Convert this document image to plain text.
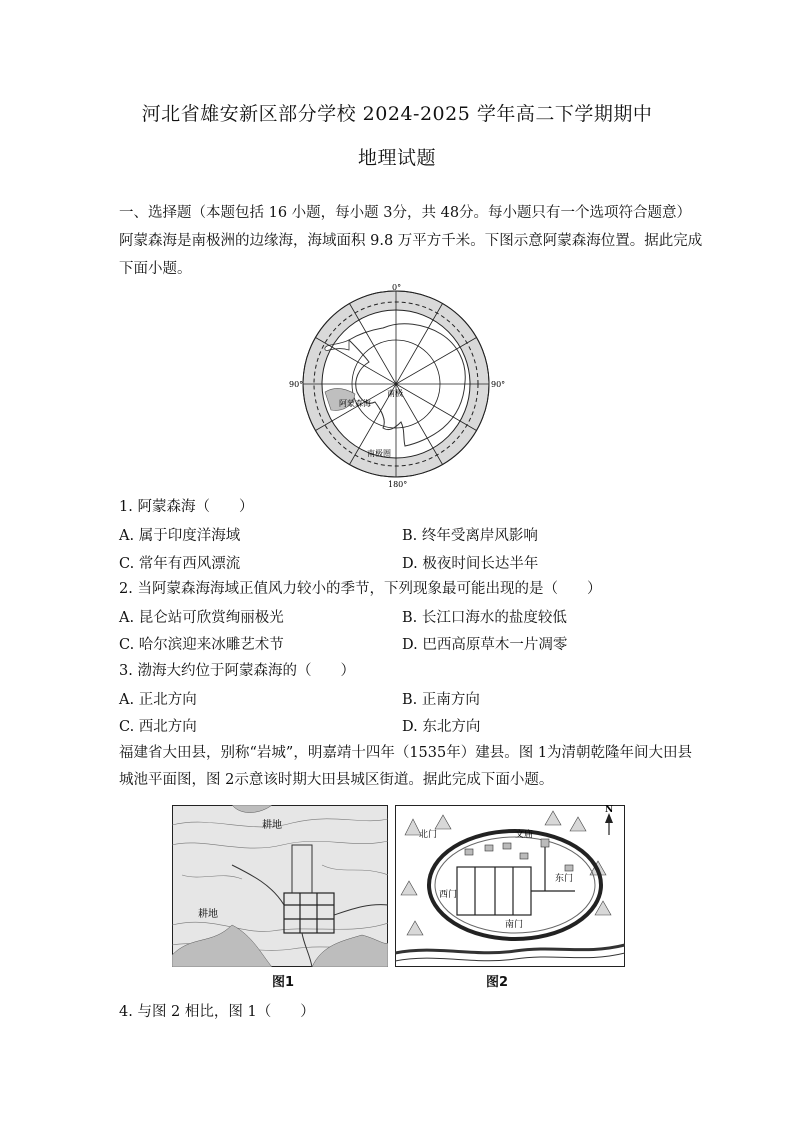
河北省雄安新区部分学校 2024-2025 学年高二下学期期中
地理试题
一、选择题（本题包括 16 小题，每小题 3分，共 48分。每小题只有一个选项符合题意）
阿蒙森海是南极洲的边缘海，海域面积 9.8 万平方千米。下图示意阿蒙森海位置。据此完成
下面小题。
0°
90°	90°
180°
南极
阿蒙森海
南极圈
1. 阿蒙森海（　　）
A. 属于印度洋海域	B. 终年受离岸风影响
C. 常年有西风漂流	D. 极夜时间长达半年
2. 当阿蒙森海海域正值风力较小的季节，下列现象最可能出现的是（　　）
A. 昆仑站可欣赏绚丽极光	B. 长江口海水的盐度较低
C. 哈尔滨迎来冰雕艺术节	D. 巴西高原草木一片凋零
3. 渤海大约位于阿蒙森海的（　　）
A. 正北方向	B. 正南方向
C. 西北方向	D. 东北方向
福建省大田县，别称“岩城”，明嘉靖十四年（1535年）建县。图 1为清朝乾隆年间大田县
城池平面图，图 2示意该时期大田县城区街道。据此完成下面小题。
耕地
耕地
图1
N
北门	文庙
东门
西门
南门
图2
4. 与图 2 相比，图 1（　　）
